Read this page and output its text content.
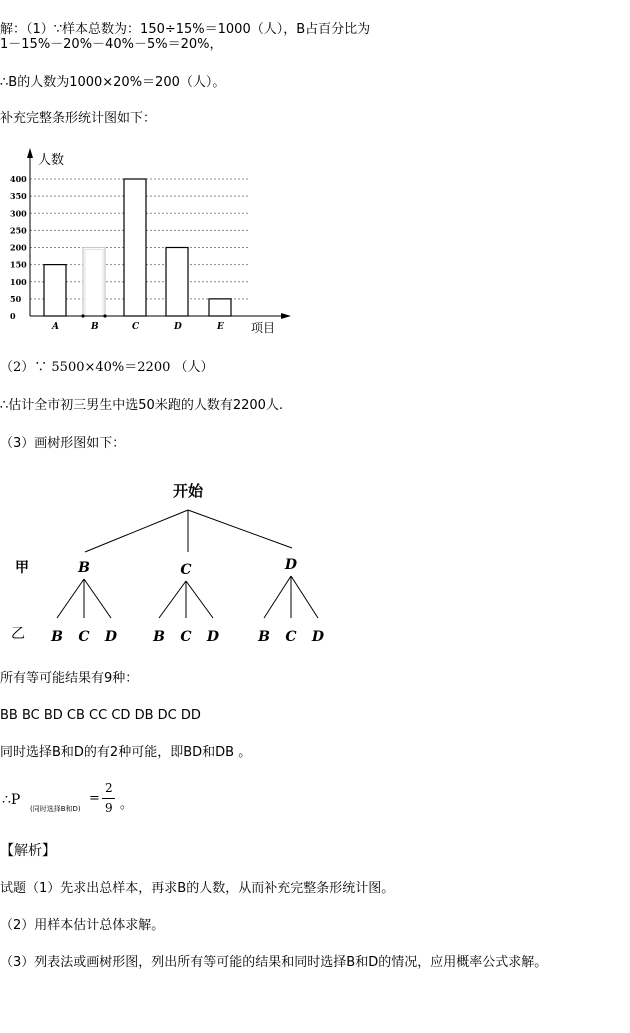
解：（1）∵样本总数为：150÷15%＝1000（人），B占百分比为
1－15%－20%－40%－5%＝20%，
∴B的人数为1000×20%＝200（人）。
补充完整条形统计图如下：
0
50
100
150
200
250
300
350
400
A	B	C	D	E
人数
项目
（2）∵ 5500×40%＝2200 （人）
∴估计全市初三男生中选50米跑的人数有2200人.
（3）画树形图如下：
开始
甲
乙
B
B C D
C
B C D
D
B C D
所有等可能结果有9种：
BB BC BD CB CC CD DB DC DD
同时选择B和D的有2种可能，即BD和DB 。
∴P
(同时选择B和D)
=
2
9 。
【解析】
试题（1）先求出总样本，再求B的人数，从而补充完整条形统计图。
（2）用样本估计总体求解。
（3）列表法或画树形图，列出所有等可能的结果和同时选择B和D的情况，应用概率公式求解。
